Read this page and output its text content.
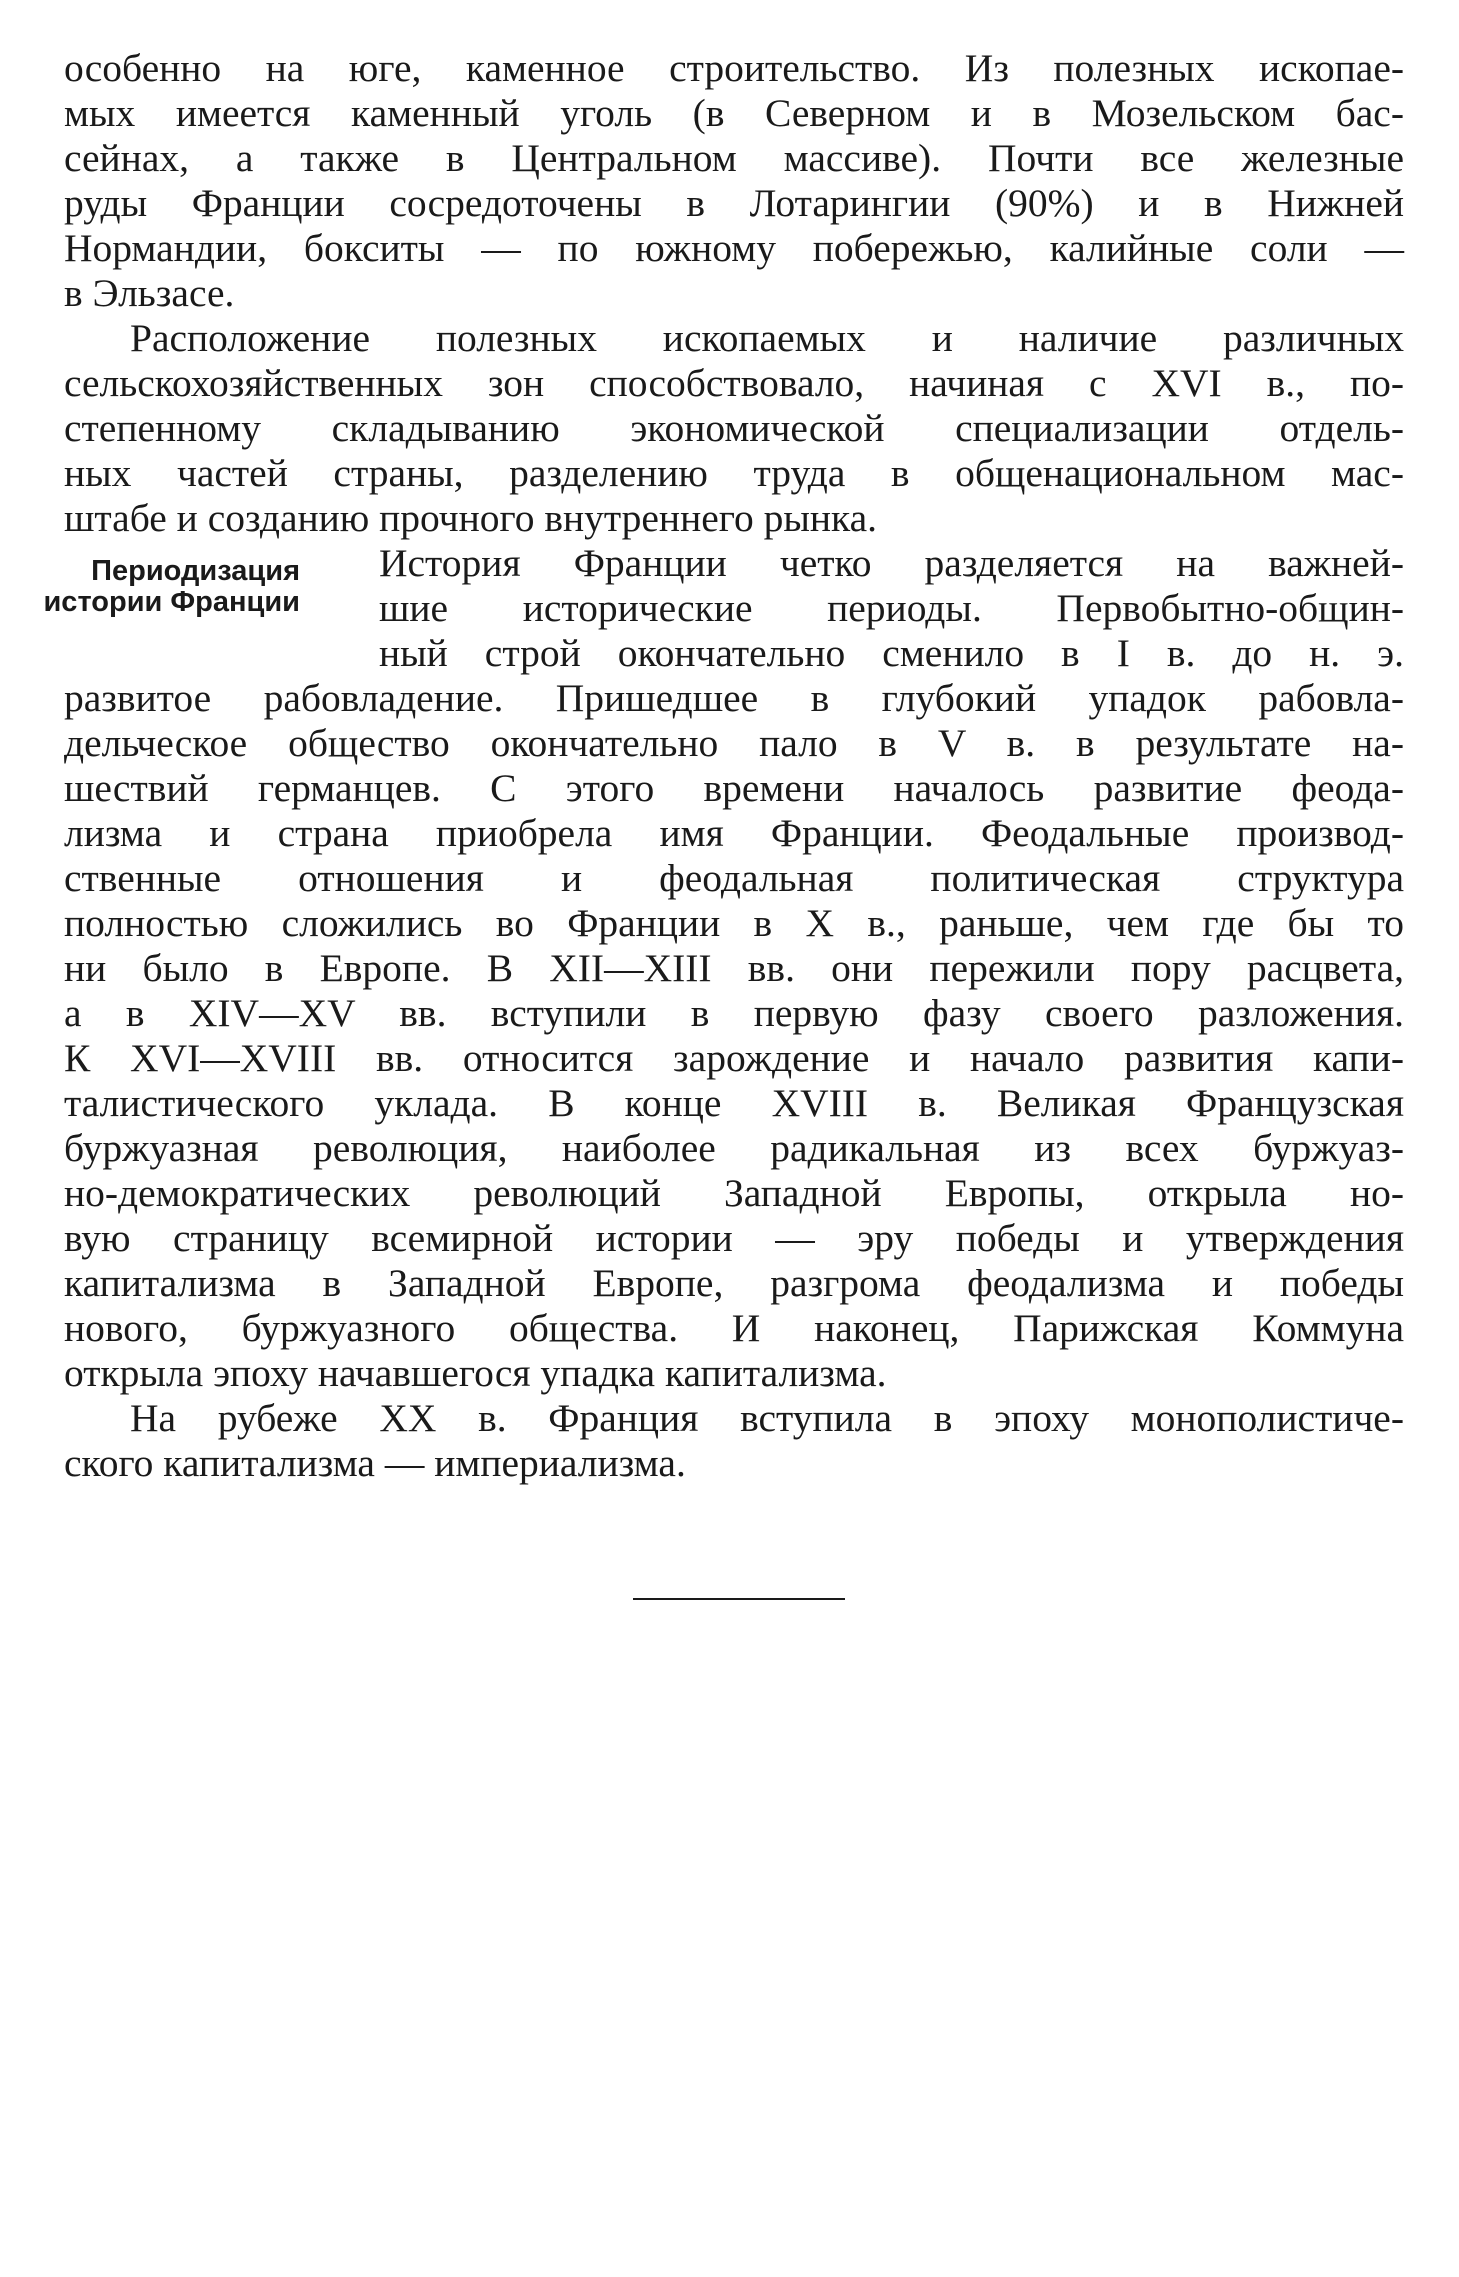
особенно на юге, каменное строительство. Из полезных ископае-
мых имеется каменный уголь (в Северном и в Мозельском бас-
сейнах, а также в Центральном массиве). Почти все железные
руды Франции сосредоточены в Лотарингии (90%) и в Нижней
Нормандии, бокситы — по южному побережью, калийные соли —
в Эльзасе.
Расположение полезных ископаемых и наличие различных
сельскохозяйственных зон способствовало, начиная с XVI в., по-
степенному складыванию экономической специализации отдель-
ных частей страны, разделению труда в общенациональном мас-
штабе и созданию прочного внутреннего рынка.
История Франции четко разделяется на важней-
шие исторические периоды. Первобытно-общин-
ный строй окончательно сменило в I в. до н. э.
развитое рабовладение. Пришедшее в глубокий упадок рабовла-
дельческое общество окончательно пало в V в. в результате на-
шествий германцев. С этого времени началось развитие феода-
лизма и страна приобрела имя Франции. Феодальные производ-
ственные отношения и феодальная политическая структура
полностью сложились во Франции в X в., раньше, чем где бы то
ни было в Европе. В XII—XIII вв. они пережили пору расцвета,
а в XIV—XV вв. вступили в первую фазу своего разложения.
К XVI—XVIII вв. относится зарождение и начало развития капи-
талистического уклада. В конце XVIII в. Великая Французская
буржуазная революция, наиболее радикальная из всех буржуаз-
но-демократических революций Западной Европы, открыла но-
вую страницу всемирной истории — эру победы и утверждения
капитализма в Западной Европе, разгрома феодализма и победы
нового, буржуазного общества. И наконец, Парижская Коммуна
открыла эпоху начавшегося упадка капитализма.
На рубеже XX в. Франция вступила в эпоху монополистиче-
ского капитализма — империализма.
Периодизация
истории Франции
